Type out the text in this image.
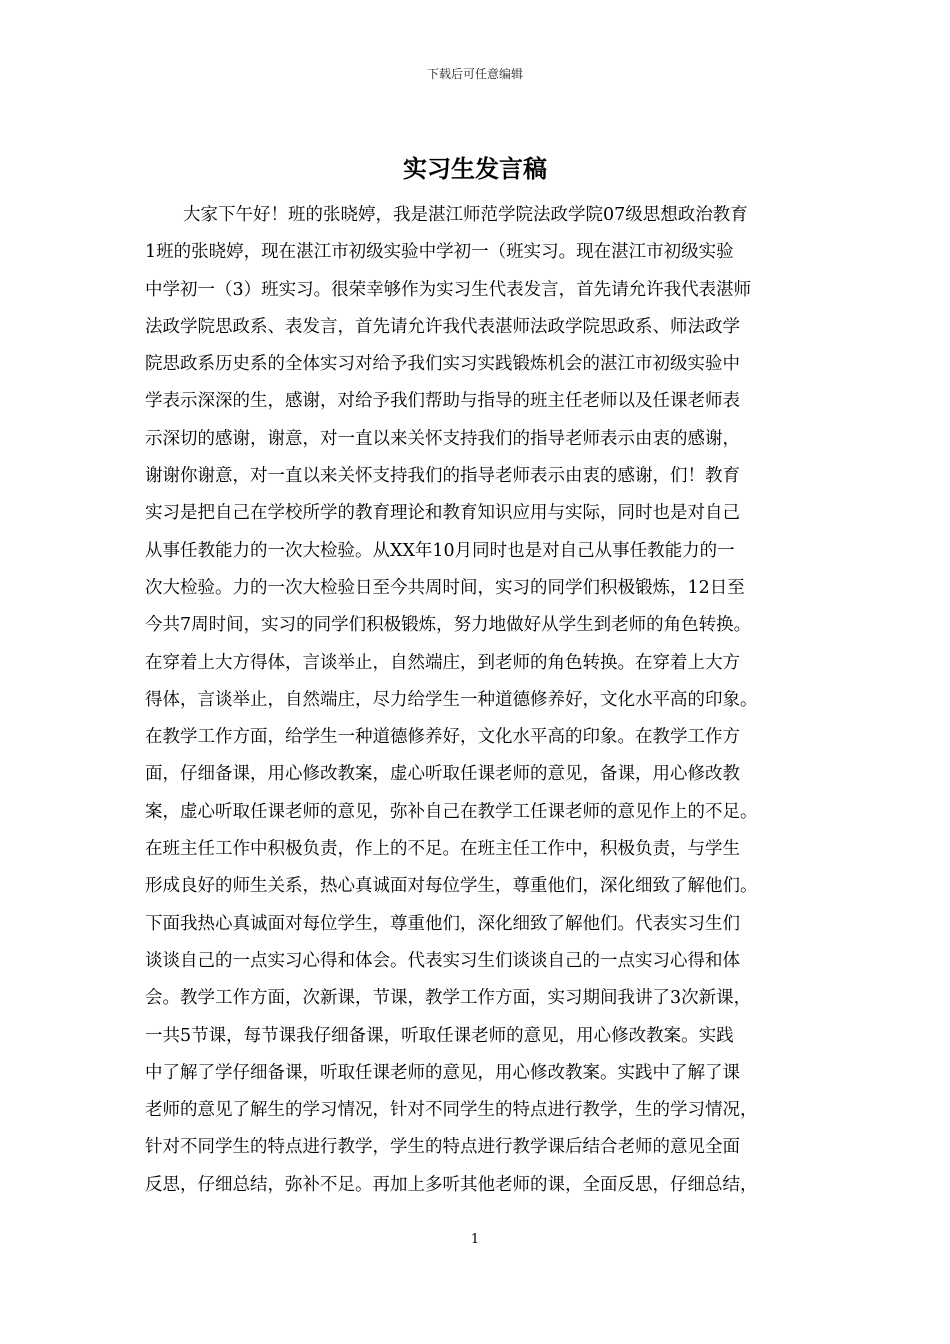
下载后可任意编辑
实习生发言稿
大家下午好！班的张晓婷，我是湛江师范学院法政学院07级思想政治教育
1班的张晓婷，现在湛江市初级实验中学初一（班实习。现在湛江市初级实验
中学初一（3）班实习。很荣幸够作为实习生代表发言，首先请允许我代表湛师
法政学院思政系、表发言，首先请允许我代表湛师法政学院思政系、师法政学
院思政系历史系的全体实习对给予我们实习实践锻炼机会的湛江市初级实验中
学表示深深的生，感谢，对给予我们帮助与指导的班主任老师以及任课老师表
示深切的感谢，谢意，对一直以来关怀支持我们的指导老师表示由衷的感谢，
谢谢你谢意，对一直以来关怀支持我们的指导老师表示由衷的感谢，们！教育
实习是把自己在学校所学的教育理论和教育知识应用与实际，同时也是对自己
从事任教能力的一次大检验。从XX年10月同时也是对自己从事任教能力的一
次大检验。力的一次大检验日至今共周时间，实习的同学们积极锻炼，12日至
今共7周时间，实习的同学们积极锻炼，努力地做好从学生到老师的角色转换。
在穿着上大方得体，言谈举止，自然端庄，到老师的角色转换。在穿着上大方
得体，言谈举止，自然端庄，尽力给学生一种道德修养好，文化水平高的印象。
在教学工作方面，给学生一种道德修养好，文化水平高的印象。在教学工作方
面，仔细备课，用心修改教案，虚心听取任课老师的意见，备课，用心修改教
案，虚心听取任课老师的意见，弥补自己在教学工任课老师的意见作上的不足。
在班主任工作中积极负责，作上的不足。在班主任工作中，积极负责，与学生
形成良好的师生关系，热心真诚面对每位学生，尊重他们，深化细致了解他们。
下面我热心真诚面对每位学生，尊重他们，深化细致了解他们。代表实习生们
谈谈自己的一点实习心得和体会。代表实习生们谈谈自己的一点实习心得和体
会。教学工作方面，次新课，节课，教学工作方面，实习期间我讲了3次新课，
一共5节课，每节课我仔细备课，听取任课老师的意见，用心修改教案。实践
中了解了学仔细备课，听取任课老师的意见，用心修改教案。实践中了解了课
老师的意见了解生的学习情况，针对不同学生的特点进行教学，生的学习情况，
针对不同学生的特点进行教学，学生的特点进行教学课后结合老师的意见全面
反思，仔细总结，弥补不足。再加上多听其他老师的课，全面反思，仔细总结，
1
